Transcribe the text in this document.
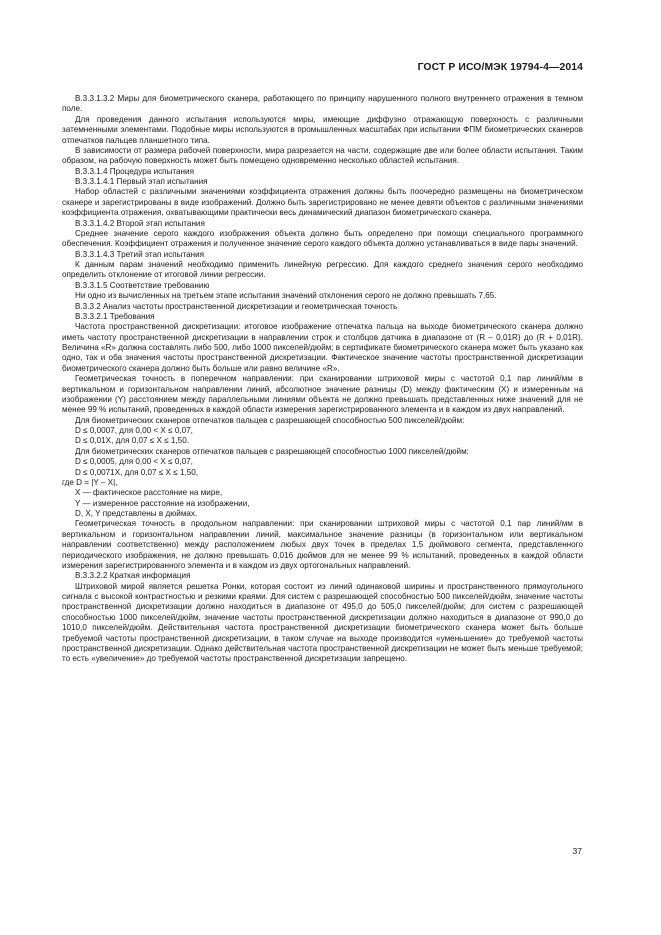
ГОСТ Р ИСО/МЭК 19794-4—2014

В.3.3.1.3.2 Миры для биометрического сканера, работающего по принципу нарушенного полного внутреннего отражения в темном поле.

Для проведения данного испытания используются миры, имеющие диффузно отражающую поверхность с различными затемненными элементами. Подобные миры используются в промышленных масштабах при испытании ФПМ биометрических сканеров отпечатков пальцев планшетного типа.

В зависимости от размера рабочей поверхности, мира разрезается на части, содержащие две или более области испытания. Таким образом, на рабочую поверхность может быть помещено одновременно несколько областей испытания.

В.3.3.1.4 Процедура испытания

В.3.3.1.4.1 Первый этап испытания

Набор областей с различными значениями коэффициента отражения должны быть поочередно размещены на биометрическом сканере и зарегистрированы в виде изображений. Должно быть зарегистрировано не менее девяти объектов с различными значениями коэффициента отражения, охватывающими практически весь динамический диапазон биометрического сканера.

В.3.3.1.4.2 Второй этап испытания

Среднее значение серого каждого изображения объекта должно быть определено при помощи специального программного обеспечения. Коэффициент отражения и полученное значение серого каждого объекта должно устанавливаться в виде пары значений.

В.3.3.1.4.3 Третий этап испытания

К данным парам значений необходимо применить линейную регрессию. Для каждого среднего значения серого необходимо определить отклонение от итоговой линии регрессии.

В.3.3.1.5 Соответствие требованию

Ни одно из вычисленных на третьем этапе испытания значений отклонения серого не должно превышать 7,65.

В.3.3.2 Анализ частоты пространственной дискретизации и геометрическая точность

В.3.3.2.1 Требования

Частота пространственной дискретизации: итоговое изображение отпечатка пальца на выходе биометрического сканера должно иметь частоту пространственной дискретизации в направлении строк и столбцов датчика в диапазоне от (R – 0,01R) до (R + 0,01R). Величина «R» должна составлять либо 500, либо 1000 пикселей/дюйм; в сертификате биометрического сканера может быть указано как одно, так и оба значения частоты пространственной дискретизации. Фактическое значение частоты пространственной дискретизации биометрического сканера должно быть больше или равно величине «R».

Геометрическая точность в поперечном направлении: при сканировании штриховой миры с частотой 0,1 пар линий/мм в вертикальном и горизонтальном направлении линий, абсолютное значение разницы (D) между фактическим (X) и измеренным на изображении (Y) расстоянием между параллельными линиями объекта не должно превышать представленных ниже значений для не менее 99 % испытаний, проведенных в каждой области измерения зарегистрированного элемента и в каждом из двух направлений.

Для биометрических сканеров отпечатков пальцев с разрешающей способностью 500 пикселей/дюйм:

D ≤ 0,0007, для 0,00 < X ≤ 0,07,

D ≤ 0,01X, для 0,07 ≤ X ≤ 1,50.

Для биометрических сканеров отпечатков пальцев с разрешающей способностью 1000 пикселей/дюйм:

D ≤ 0,0005, для 0,00 < X ≤ 0,07,

D ≤ 0,0071X, для 0,07 ≤ X ≤ 1,50,

где D = |Y – X|,

X — фактическое расстояние на мире,

Y — измеренное расстояние на изображении,

D, X, Y представлены в дюймах.

Геометрическая точность в продольном направлении: при сканировании штриховой миры с частотой 0,1 пар линий/мм в вертикальном и горизонтальном направлении линий, максимальное значение разницы (в горизонтальном или вертикальном направлении соответственно) между расположением любых двух точек в пределах 1,5 дюймового сегмента, представленного периодического изображения, не должно превышать 0,016 дюймов для не менее 99 % испытаний, проведенных в каждой области измерения зарегистрированного элемента и в каждом из двух ортогональных направлений.

В.3.3.2.2 Краткая информация

Штриховой мирой является решетка Ронки, которая состоит из линий одинаковой ширины и пространственного прямоугольного сигнала с высокой контрастностью и резкими краями. Для систем с разрешающей способностью 500 пикселей/дюйм, значение частоты пространственной дискретизации должно находиться в диапазоне от 495,0 до 505,0 пикселей/дюйм; для систем с разрешающей способностью 1000 пикселей/дюйм, значение частоты пространственной дискретизации должно находиться в диапазоне от 990,0 до 1010,0 пикселей/дюйм. Действительная частота пространственной дискретизации биометрического сканера может быть больше требуемой частоты пространственной дискретизации, в таком случае на выходе производится «уменьшение» до требуемой частоты пространственной дискретизации. Однако действительная частота пространственной дискретизации не может быть меньше требуемой; то есть «увеличение» до требуемой частоты пространственной дискретизации запрещено.

37
